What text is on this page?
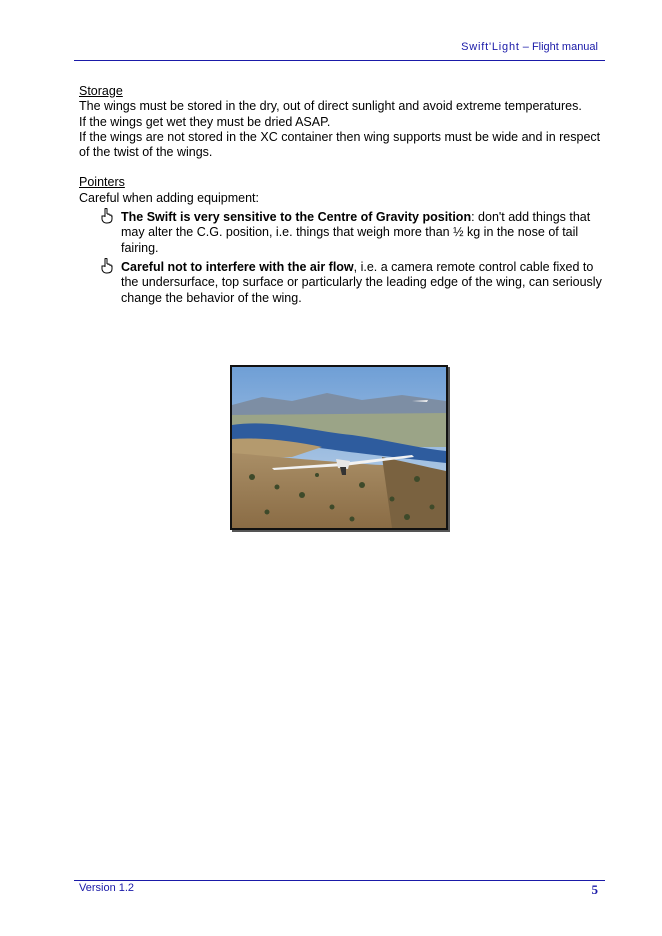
Swift'Light – Flight manual

Storage

The wings must be stored in the dry, out of direct sunlight and avoid extreme temperatures.

If the wings get wet they must be dried ASAP.

If the wings are not stored in the XC container then wing supports must be wide and in respect of the twist of the wings.

Pointers

Careful when adding equipment:

The Swift is very sensitive to the Centre of Gravity position: don't add things that may alter the C.G. position, i.e. things that weigh more than ½ kg in the nose of tail fairing.
Careful not to interfere with the air flow, i.e. a camera remote control cable fixed to the undersurface, top surface or particularly the leading edge of the wing, can seriously change the behavior of the wing.
Version 1.2	5
